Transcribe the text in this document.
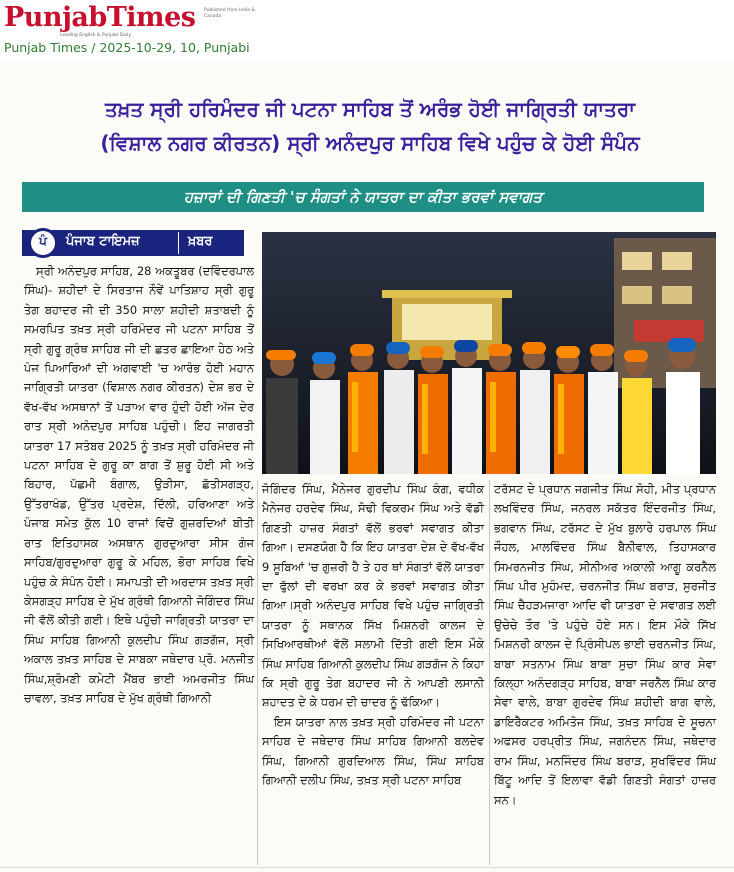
PunjabTimes
Leading English & Punjabi Daily
Published from India & Canada
Punjab Times / 2025-10-29, 10, Punjabi
ਤਖ਼ਤ ਸ੍ਰੀ ਹਰਿਮੰਦਰ ਜੀ ਪਟਨਾ ਸਾਹਿਬ ਤੋਂ ਅਰੰਭ ਹੋਈ ਜਾਗ੍ਰਿਤੀ ਯਾਤਰਾ (ਵਿਸ਼ਾਲ ਨਗਰ ਕੀਰਤਨ) ਸ੍ਰੀ ਅਨੰਦਪੁਰ ਸਾਹਿਬ ਵਿਖੇ ਪਹੁੰਚ ਕੇ ਹੋਈ ਸੰਪੰਨ
ਹਜ਼ਾਰਾਂ ਦੀ ਗਿਣਤੀ 'ਚ ਸੰਗਤਾਂ ਨੇ ਯਾਤਰਾ ਦਾ ਕੀਤਾ ਭਰਵਾਂ ਸਵਾਗਤ
ਪੰ	ਪੰਜਾਬ ਟਾਇਮਜ਼	ਖ਼ਬਰ

ਸ੍ਰੀ ਅਨੰਦਪੁਰ ਸਾਹਿਬ, 28 ਅਕਤੂਬਰ (ਦਵਿੰਦਰਪਾਲ ਸਿੰਘ)- ਸ਼ਹੀਦਾਂ ਦੇ ਸਿਰਤਾਜ ਨੌਵੇਂ ਪਾਤਿਸ਼ਾਹ ਸ੍ਰੀ ਗੁਰੂ ਤੇਗ ਬਹਾਦਰ ਜੀ ਦੀ 350 ਸਾਲਾ ਸ਼ਹੀਦੀ ਸ਼ਤਾਬਦੀ ਨੂੰ ਸਮਰਪਿਤ ਤਖ਼ਤ ਸ੍ਰੀ ਹਰਿਮੰਦਰ ਜੀ ਪਟਨਾ ਸਾਹਿਬ ਤੋਂ ਸ੍ਰੀ ਗੁਰੂ ਗ੍ਰੰਥ ਸਾਹਿਬ ਜੀ ਦੀ ਛਤਰ ਛਾਇਆ ਹੇਠ ਅਤੇ ਪੰਜ ਪਿਆਰਿਆਂ ਦੀ ਅਗਵਾਈ 'ਚ ਆਰੰਭ ਹੋਈ ਮਹਾਨ ਜਾਗ੍ਰਿਤੀ ਯਾਤਰਾ (ਵਿਸ਼ਾਲ ਨਗਰ ਕੀਰਤਨ) ਦੇਸ਼ ਭਰ ਦੇ ਵੱਖ-ਵੱਖ ਅਸਥਾਨਾਂ ਤੋਂ ਪੜਾਅ ਵਾਰ ਹੁੰਦੀ ਹੋਈ ਅੱਜ ਦੇਰ ਰਾਤ ਸ੍ਰੀ ਅਨੰਦਪੁਰ ਸਾਹਿਬ ਪਹੁੰਚੀ। ਇਹ ਜਾਗਰਤੀ ਯਾਤਰਾ 17 ਸਤੰਬਰ 2025 ਨੂੰ ਤਖ਼ਤ ਸ੍ਰੀ ਹਰਿਮੰਦਰ ਜੀ ਪਟਨਾ ਸਾਹਿਬ ਦੇ ਗੁਰੂ ਕਾ ਬਾਗ ਤੋਂ ਸ਼ੁਰੂ ਹੋਈ ਸੀ ਅਤੇ ਬਿਹਾਰ, ਪੱਛਮੀ ਬੰਗਾਲ, ਉੜੀਸਾ, ਛੱਤੀਸਗੜ੍ਹ, ਉੱਤਰਾਖੰਡ, ਉੱਤਰ ਪ੍ਰਦੇਸ਼, ਦਿੱਲੀ, ਹਰਿਆਣਾ ਅਤੇ ਪੰਜਾਬ ਸਮੇਤ ਕੁੱਲ 10 ਰਾਜਾਂ ਵਿਚੋਂ ਗੁਜ਼ਰਦਿਆਂ ਬੀਤੀ ਰਾਤ ਇਤਿਹਾਸਕ ਅਸਥਾਨ ਗੁਰਦੁਆਰਾ ਸੀਸ ਗੰਜ ਸਾਹਿਬ/ਗੁਰਦੁਆਰਾ ਗੁਰੂ ਕੇ ਮਹਿਲ, ਭੋਰਾ ਸਾਹਿਬ ਵਿਖੇ ਪਹੁੰਚ ਕੇ ਸੰਪੰਨ ਹੋਈ। ਸਮਾਪਤੀ ਦੀ ਅਰਦਾਸ ਤਖ਼ਤ ਸ੍ਰੀ ਕੇਸਗੜ੍ਹ ਸਾਹਿਬ ਦੇ ਮੁੱਖ ਗ੍ਰੰਥੀ ਗਿਆਨੀ ਜੋਗਿੰਦਰ ਸਿੰਘ ਜੀ ਵੱਲੋਂ ਕੀਤੀ ਗਈ। ਇਥੇ ਪਹੁੰਚੀ ਜਾਗ੍ਰਿਤੀ ਯਾਤਰਾ ਦਾ ਸਿੰਘ ਸਾਹਿਬ ਗਿਆਨੀ ਕੁਲਦੀਪ ਸਿੰਘ ਗੜਗੱਜ, ਸ੍ਰੀ ਅਕਾਲ ਤਖ਼ਤ ਸਾਹਿਬ ਦੇ ਸਾਬਕਾ ਜਥੇਦਾਰ ਪ੍ਰੋ. ਮਨਜੀਤ ਸਿੰਘ,ਸ਼੍ਰੋਮਣੀ ਕਮੇਟੀ ਮੈਂਬਰ ਭਾਈ ਅਮਰਜੀਤ ਸਿੰਘ ਚਾਵਲਾ, ਤਖ਼ਤ ਸਾਹਿਬ ਦੇ ਮੁੱਖ ਗ੍ਰੰਥੀ ਗਿਆਨੀ

ਜੋਗਿੰਦਰ ਸਿੰਘ, ਮੈਨੇਜਰ ਗੁਰਦੀਪ ਸਿੰਘ ਕੰਗ, ਵਧੀਕ ਮੈਨੇਜਰ ਹਰਦੇਵ ਸਿੰਘ, ਸੋਢੀ ਵਿਕਰਮ ਸਿੰਘ ਅਤੇ ਵੱਡੀ ਗਿਣਤੀ ਹਾਜ਼ਰ ਸੰਗਤਾਂ ਵੱਲੋਂ ਭਰਵਾਂ ਸਵਾਗਤ ਕੀਤਾ ਗਿਆ। ਦਸਣਯੋਗ ਹੈ ਕਿ ਇਹ ਯਾਤਰਾ ਦੇਸ਼ ਦੇ ਵੱਖ-ਵੱਖ 9 ਸੂਬਿਆਂ 'ਚ ਗੁਜ਼ਰੀ ਹੈ ਤੇ ਹਰ ਥਾਂ ਸੰਗਤਾਂ ਵੱਲੋਂ ਯਾਤਰਾ ਦਾ ਫੁੱਲਾਂ ਦੀ ਵਰਖਾ ਕਰ ਕੇ ਭਰਵਾਂ ਸਵਾਗਤ ਕੀਤਾ ਗਿਆ।ਸ੍ਰੀ ਅਨੰਦਪੁਰ ਸਾਹਿਬ ਵਿਖੇ ਪਹੁੰਚ ਜਾਗ੍ਰਿਤੀ ਯਾਤਰਾ ਨੂੰ ਸਥਾਨਕ ਸਿੱਖ ਮਿਸ਼ਨਰੀ ਕਾਲਜ ਦੇ ਸਿਖਿਆਰਥੀਆਂ ਵੱਲੋਂ ਸਲਾਮੀ ਦਿੱਤੀ ਗਈ ਇਸ ਮੌਕੇ ਸਿੰਘ ਸਾਹਿਬ ਗਿਆਨੀ ਕੁਲਦੀਪ ਸਿੰਘ ਗੜਗੱਜ ਨੇ ਕਿਹਾ ਕਿ ਸ੍ਰੀ ਗੁਰੂ ਤੇਗ ਬਹਾਦਰ ਜੀ ਨੇ ਆਪਣੀ ਲਸਾਨੀ ਸ਼ਹਾਦਤ ਦੇ ਕੇ ਧਰਮ ਦੀ ਚਾਦਰ ਨੂੰ ਢੱਕਿਆ।

ਇਸ ਯਾਤਰਾ ਨਾਲ ਤਖ਼ਤ ਸ੍ਰੀ ਹਰਿਮੰਦਰ ਜੀ ਪਟਨਾ ਸਾਹਿਬ ਦੇ ਜਥੇਦਾਰ ਸਿੰਘ ਸਾਹਿਬ ਗਿਆਨੀ ਬਲਦੇਵ ਸਿੰਘ, ਗਿਆਨੀ ਗੁਰਦਿਆਲ ਸਿੰਘ, ਸਿੰਘ ਸਾਹਿਬ ਗਿਆਨੀ ਦਲੀਪ ਸਿੰਘ, ਤਖ਼ਤ ਸ੍ਰੀ ਪਟਨਾ ਸਾਹਿਬ

ਟਰੱਸਟ ਦੇ ਪ੍ਰਧਾਨ ਜਗਜੀਤ ਸਿੰਘ ਸੋਹੀ, ਮੀਤ ਪ੍ਰਧਾਨ ਲਖਵਿੰਦਰ ਸਿੰਘ, ਜਨਰਲ ਸਕੱਤਰ ਇੰਦਰਜੀਤ ਸਿੰਘ, ਭਗਵਾਨ ਸਿੰਘ, ਟਰੱਸਟ ਦੇ ਮੁੱਖ ਬੁਲਾਰੇ ਹਰਪਾਲ ਸਿੰਘ ਜੌਹਲ, ਮਾਲਵਿੰਦਰ ਸਿੰਘ ਬੈਨੀਵਾਲ, ਤਿਹਾਸਕਾਰ ਸਿਮਰਨਜੀਤ ਸਿੰਘ, ਸੀਨੀਅਰ ਅਕਾਲੀ ਆਗੂ ਕਰਨੈਲ ਸਿੰਘ ਪੀਰ ਮੁਹੰਮਦ, ਚਰਨਜੀਤ ਸਿੰਘ ਬਰਾੜ, ਸੁਰਜੀਤ ਸਿੰਘ ਚੈਹੜਮਜਾਰਾ ਆਦਿ ਵੀ ਯਾਤਰਾ ਦੇ ਸਵਾਗਤ ਲਈ ਉਚੇਚੇ ਤੌਰ 'ਤੇ ਪਹੁੰਚੇ ਹੋਏ ਸਨ। ਇਸ ਮੌਕੇ ਸਿੱਖ ਮਿਸ਼ਨਰੀ ਕਾਲਜ ਦੇ ਪ੍ਰਿੰਸੀਪਲ ਭਾਈ ਚਰਨਜੀਤ ਸਿੰਘ, ਬਾਬਾ ਸਤਨਾਮ ਸਿੰਘ ਬਾਬਾ ਸੁਚਾ ਸਿੰਘ ਕਾਰ ਸੇਵਾ ਕਿਲ੍ਹਾ ਅਨੰਦਗੜ੍ਹ ਸਾਹਿਬ, ਬਾਬਾ ਜਰਨੈਲ ਸਿੰਘ ਕਾਰ ਸੇਵਾ ਵਾਲੇ, ਬਾਬਾ ਗੁਰਦੇਵ ਸਿੰਘ ਸ਼ਹੀਦੀ ਬਾਗ ਵਾਲੇ, ਡਾਇਰੈਕਟਰ ਅਮਿਤੋਜ ਸਿੰਘ, ਤਖ਼ਤ ਸਾਹਿਬ ਦੇ ਸੂਚਨਾ ਅਫਸਰ ਹਰਪ੍ਰੀਤ ਸਿੰਘ, ਜਗਨੰਦਨ ਸਿੰਘ, ਜਥੇਦਾਰ ਰਾਮ ਸਿੰਘ, ਮਨਜਿੰਦਰ ਸਿੰਘ ਬਰਾੜ, ਸੁਖਵਿੰਦਰ ਸਿੰਘ ਬਿੱਟੂ ਆਦਿ ਤੋਂ ਇਲਾਵਾ ਵੱਡੀ ਗਿਣਤੀ ਸੰਗਤਾਂ ਹਾਜ਼ਰ ਸਨ।
